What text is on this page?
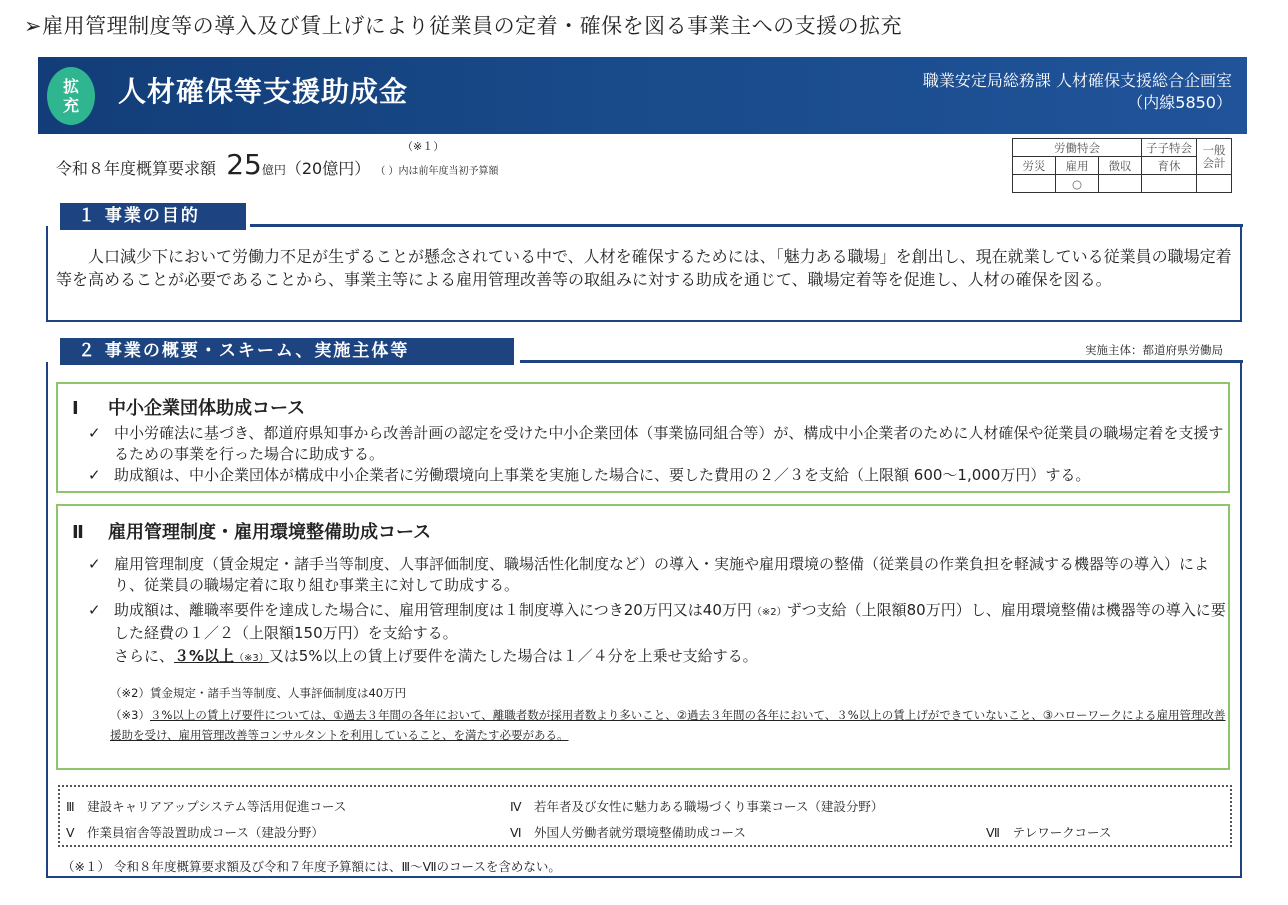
➢雇用管理制度等の導入及び賃上げにより従業員の定着・確保を図る事業主への支援の拡充
拡
充	人材確保等支援助成金	職業安定局総務課 人材確保支援総合企画室
（内線5850）
令和８年度概算要求額 25億円（20億円） （ ）内は前年度当初予算額
（※１）	労働特会			子子特会	一般会計
労災	雇用	徴収	育休	
	○			
１ 事業の目的
人口減少下において労働力不足が生ずることが懸念されている中で、人材を確保するためには、「魅力ある職場」を創出し、現在就業している従業員の職場定着等を高めることが必要であることから、事業主等による雇用管理改善等の取組みに対する助成を通じて、職場定着等を促進し、人材の確保を図る。
２ 事業の概要・スキーム、実施主体等	実施主体：都道府県労働局
Ⅰ 中小企業団体助成コース
✓ 中小労確法に基づき、都道府県知事から改善計画の認定を受けた中小企業団体（事業協同組合等）が、構成中小企業者のために人材確保や従業員の職場定着を支援するための事業を行った場合に助成する。
✓ 助成額は、中小企業団体が構成中小企業者に労働環境向上事業を実施した場合に、要した費用の２／３を支給（上限額 600～1,000万円）する。
Ⅱ 雇用管理制度・雇用環境整備助成コース
✓ 雇用管理制度（賃金規定・諸手当等制度、人事評価制度、職場活性化制度など）の導入・実施や雇用環境の整備（従業員の作業負担を軽減する機器等の導入）により、従業員の職場定着に取り組む事業主に対して助成する。
✓ 助成額は、離職率要件を達成した場合に、雇用管理制度は１制度導入につき20万円又は40万円（※2）ずつ支給（上限額80万円）し、雇用環境整備は機器等の導入に要した経費の１／２（上限額150万円）を支給する。
さらに、３%以上（※3）又は5%以上の賃上げ要件を満たした場合は１／４分を上乗せ支給する。
（※2）賃金規定・諸手当等制度、人事評価制度は40万円
（※3）３%以上の賃上げ要件については、①過去３年間の各年において、離職者数が採用者数より多いこと、②過去３年間の各年において、３%以上の賃上げができていないこと、③ハローワークによる雇用管理改善援助を受け、雇用管理改善等コンサルタントを利用していること、を満たす必要がある。
Ⅲ　建設キャリアアップシステム等活用促進コース	Ⅳ　若年者及び女性に魅力ある職場づくり事業コース（建設分野）
Ⅴ　作業員宿舎等設置助成コース（建設分野）	Ⅵ　外国人労働者就労環境整備助成コース	Ⅶ　テレワークコース
（※１） 令和８年度概算要求額及び令和７年度予算額には、Ⅲ～Ⅶのコースを含めない。
